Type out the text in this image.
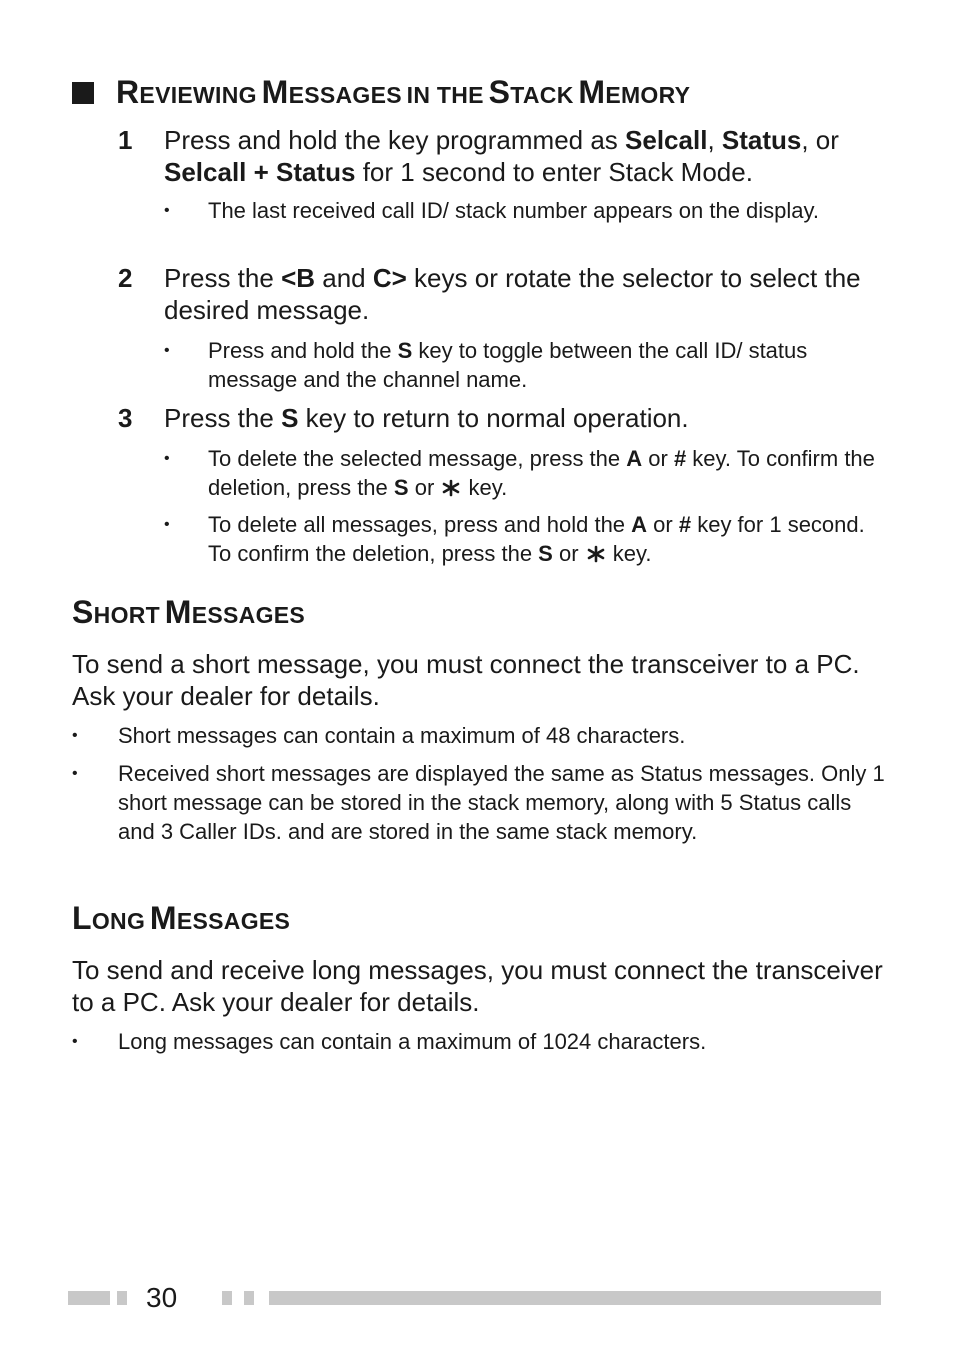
REVIEWING MESSAGES IN THE STACK MEMORY
1 Press and hold the key programmed as Selcall, Status, or Selcall + Status for 1 second to enter Stack Mode.
• The last received call ID/ stack number appears on the display.
2 Press the <B and C> keys or rotate the selector to select the desired message.
• Press and hold the S key to toggle between the call ID/ status message and the channel name.
3 Press the S key to return to normal operation.
• To delete the selected message, press the A or # key. To confirm the deletion, press the S or  key.
• To delete all messages, press and hold the A or # key for 1 second. To confirm the deletion, press the S or  key.
SHORT MESSAGES
To send a short message, you must connect the transceiver to a PC. Ask your dealer for details.
• Short messages can contain a maximum of 48 characters.
• Received short messages are displayed the same as Status messages. Only 1 short message can be stored in the stack memory, along with 5 Status calls and 3 Caller IDs. and are stored in the same stack memory.
LONG MESSAGES
To send and receive long messages, you must connect the transceiver to a PC. Ask your dealer for details.
• Long messages can contain a maximum of 1024 characters.
30
